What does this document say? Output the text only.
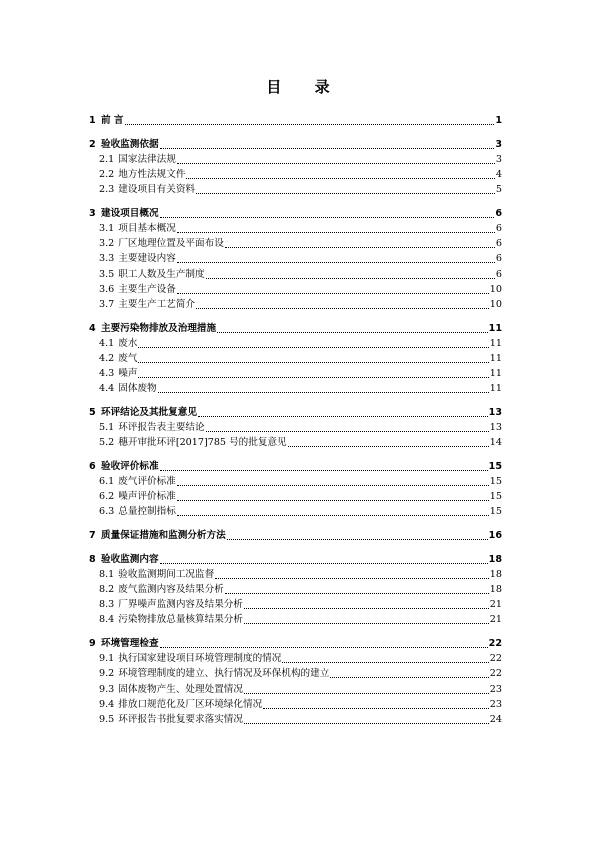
目 录
1 前 言	1
2 验收监测依据	3
2.1 国家法律法规	3
2.2 地方性法规文件	4
2.3 建设项目有关资料	5
3 建设项目概况	6
3.1 项目基本概况	6
3.2 厂区地理位置及平面布设	6
3.3 主要建设内容	6
3.5 职工人数及生产制度	6
3.6 主要生产设备	10
3.7 主要生产工艺简介	10
4 主要污染物排放及治理措施	11
4.1 废水	11
4.2 废气	11
4.3 噪声	11
4.4 固体废物	11
5 环评结论及其批复意见	13
5.1 环评报告表主要结论	13
5.2 穗开审批环评[2017]785 号的批复意见	14
6 验收评价标准	15
6.1 废气评价标准	15
6.2 噪声评价标准	15
6.3 总量控制指标	15
7 质量保证措施和监测分析方法	16
8 验收监测内容	18
8.1 验收监测期间工况监督	18
8.2 废气监测内容及结果分析	18
8.3 厂界噪声监测内容及结果分析	21
8.4 污染物排放总量核算结果分析	21
9 环境管理检查	22
9.1 执行国家建设项目环境管理制度的情况	22
9.2 环境管理制度的建立、执行情况及环保机构的建立	22
9.3 固体废物产生、处理处置情况	23
9.4 排放口规范化及厂区环境绿化情况	23
9.5 环评报告书批复要求落实情况	24
